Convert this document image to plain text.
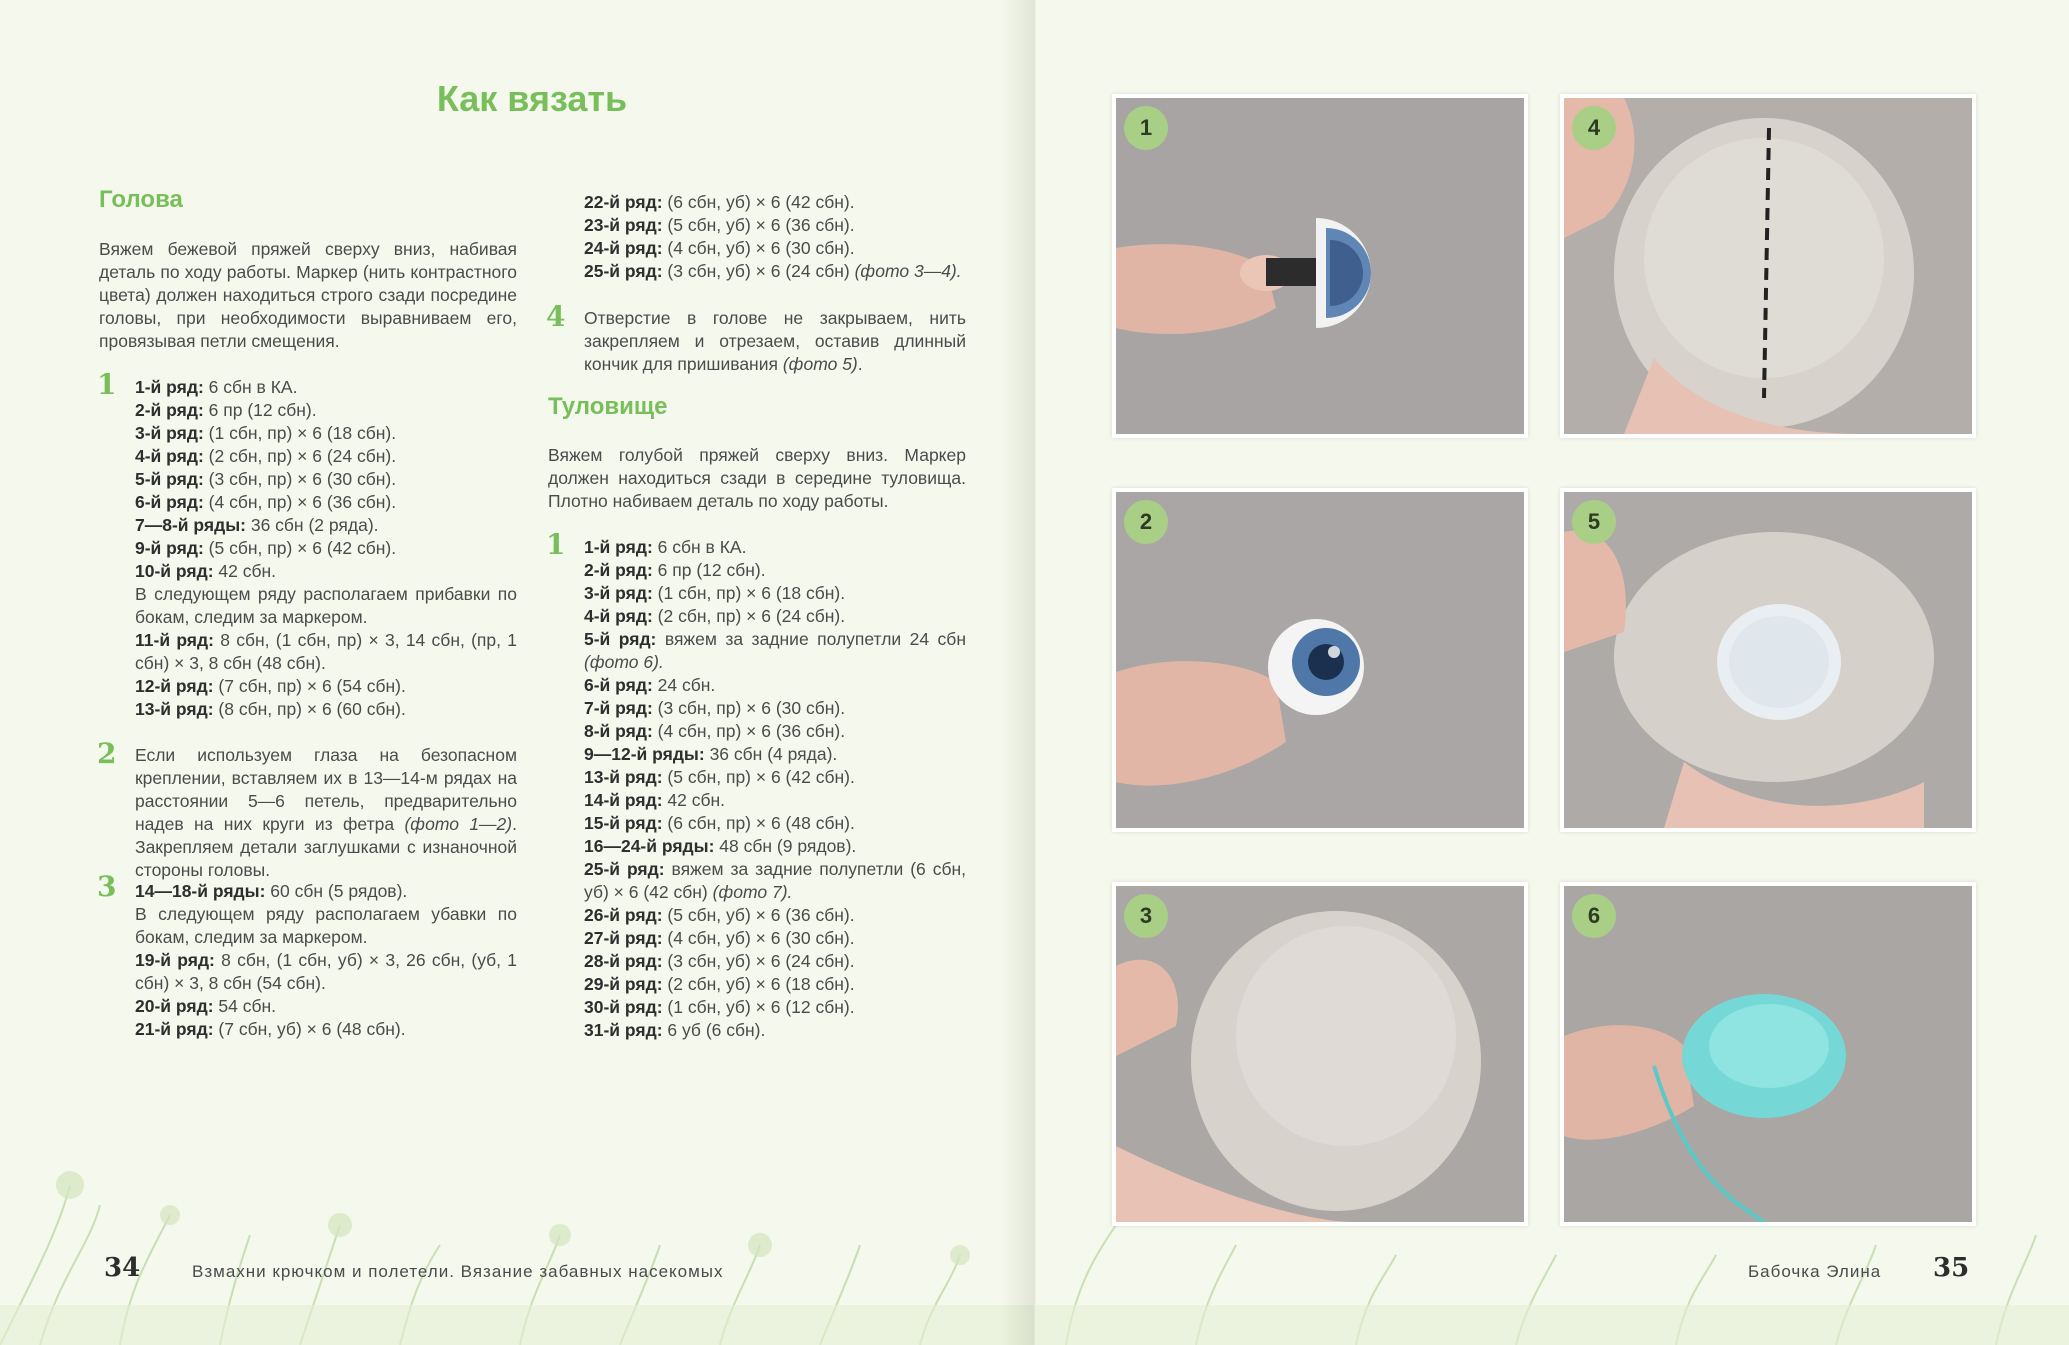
Как вязать
Голова
Вяжем бежевой пряжей сверху вниз, набивая деталь по ходу работы. Маркер (нить контрастного цвета) должен находиться строго сзади посредине головы, при необходимости выравниваем его, провязывая петли смещения.
1 1-й ряд: 6 сбн в КА.

2-й ряд: 6 пр (12 сбн).

3-й ряд: (1 сбн, пр) × 6 (18 сбн).

4-й ряд: (2 сбн, пр) × 6 (24 сбн).

5-й ряд: (3 сбн, пр) × 6 (30 сбн).

6-й ряд: (4 сбн, пр) × 6 (36 сбн).

7—8-й ряды: 36 сбн (2 ряда).

9-й ряд: (5 сбн, пр) × 6 (42 сбн).

10-й ряд: 42 сбн.

В следующем ряду располагаем прибавки по бокам, следим за маркером.

11-й ряд: 8 сбн, (1 сбн, пр) × 3, 14 сбн, (пр, 1 сбн) × 3, 8 сбн (48 сбн).

12-й ряд: (7 сбн, пр) × 6 (54 сбн).

13-й ряд: (8 сбн, пр) × 6 (60 сбн).

2 Если используем глаза на безопасном креплении, вставляем их в 13—14-м рядах на расстоянии 5—6 петель, предварительно надев на них круги из фетра (фото 1—2). Закрепляем детали заглушками с изнаночной стороны головы.
3 14—18-й ряды: 60 сбн (5 рядов).

В следующем ряду располагаем убавки по бокам, следим за маркером.

19-й ряд: 8 сбн, (1 сбн, уб) × 3, 26 сбн, (уб, 1 сбн) × 3, 8 сбн (54 сбн).

20-й ряд: 54 сбн.

21-й ряд: (7 сбн, уб) × 6 (48 сбн).

22-й ряд: (6 сбн, уб) × 6 (42 сбн).

23-й ряд: (5 сбн, уб) × 6 (36 сбн).

24-й ряд: (4 сбн, уб) × 6 (30 сбн).

25-й ряд: (3 сбн, уб) × 6 (24 сбн) (фото 3—4).

4 Отверстие в голове не закрываем, нить закрепляем и отрезаем, оставив длинный кончик для пришивания (фото 5).
Туловище
Вяжем голубой пряжей сверху вниз. Маркер должен находиться сзади в середине туловища. Плотно набиваем деталь по ходу работы.
1 1-й ряд: 6 сбн в КА.

2-й ряд: 6 пр (12 сбн).

3-й ряд: (1 сбн, пр) × 6 (18 сбн).

4-й ряд: (2 сбн, пр) × 6 (24 сбн).

5-й ряд: вяжем за задние полупетли 24 сбн (фото 6).

6-й ряд: 24 сбн.

7-й ряд: (3 сбн, пр) × 6 (30 сбн).

8-й ряд: (4 сбн, пр) × 6 (36 сбн).

9—12-й ряды: 36 сбн (4 ряда).

13-й ряд: (5 сбн, пр) × 6 (42 сбн).

14-й ряд: 42 сбн.

15-й ряд: (6 сбн, пр) × 6 (48 сбн).

16—24-й ряды: 48 сбн (9 рядов).

25-й ряд: вяжем за задние полупетли (6 сбн, уб) × 6 (42 сбн) (фото 7).

26-й ряд: (5 сбн, уб) × 6 (36 сбн).

27-й ряд: (4 сбн, уб) × 6 (30 сбн).

28-й ряд: (3 сбн, уб) × 6 (24 сбн).

29-й ряд: (2 сбн, уб) × 6 (18 сбн).

30-й ряд: (1 сбн, уб) × 6 (12 сбн).

31-й ряд: 6 уб (6 сбн).

34	Взмахни крючком и полетели. Вязание забавных насекомых
1	4
2	5
3	6
Бабочка Элина 35
